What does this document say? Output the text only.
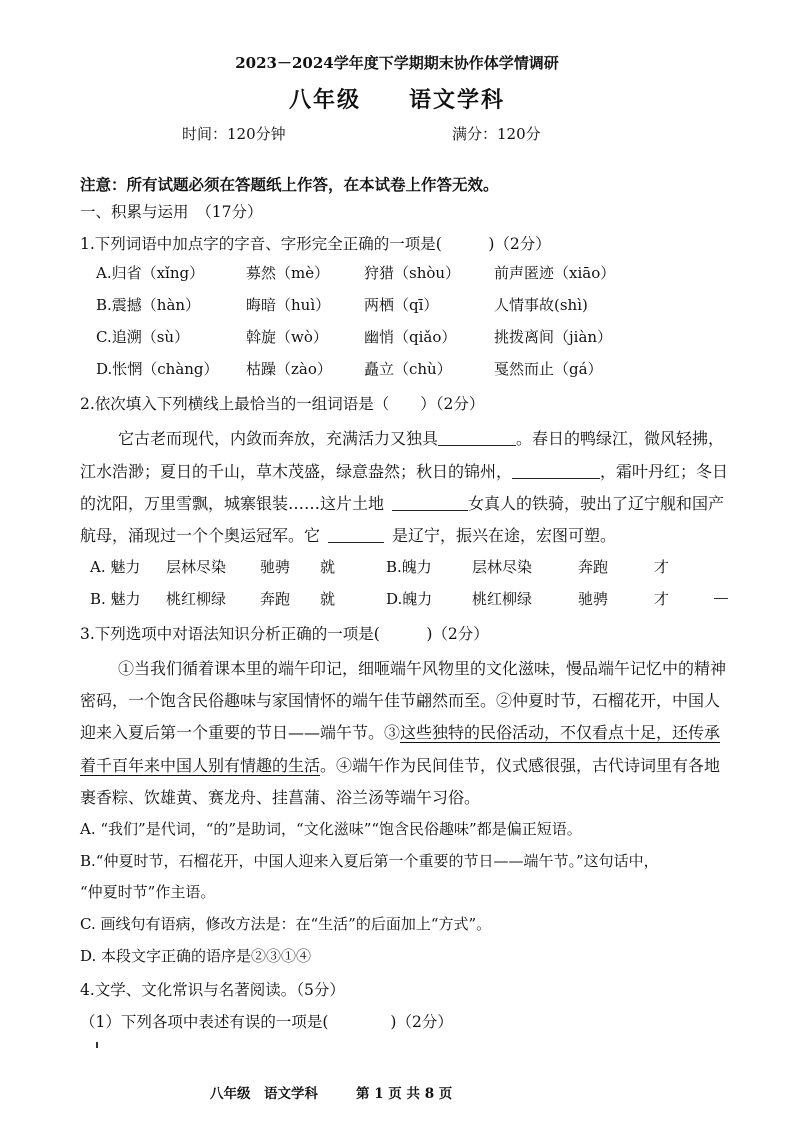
2023－2024学年度下学期期末协作体学情调研
八年级　　语文学科
时间：120分钟	满分：120分
注意：所有试题必须在答题纸上作答，在本试卷上作答无效。
一、积累与运用　（17分）
1.下列词语中加点字的字音、字形完全正确的一项是(　　　)（2分）
A.归省（xǐng）	募然（mè） 狩猎（shòu） 前声匿迹（xiāo）
B.震撼（hàn）	晦暗（huì） 两栖（qī）	人情事故(shì)
C.追溯（sù）	斡旋（wò） 幽悄（qiǎo）	挑拨离间（jiàn）
D.怅惘（chàng） 枯躁（zào） 矗立（chù）	戛然而止（gá）
2.依次填入下列横线上最恰当的一组词语是（　　）（2分）
它古老而现代，内敛而奔放，充满活力又独具	。春日的鸭绿江，微风轻拂，
江水浩渺；夏日的千山，草木茂盛，绿意盎然；秋日的锦州，	，霜叶丹红；冬日
的沈阳，万里雪飘，城寨银装……这片土地	女真人的铁骑，驶出了辽宁舰和国产
航母，涌现过一个个奥运冠军。它	是辽宁，振兴在途，宏图可塑。
A. 魅力 层林尽染 驰骋 就	B.魄力	层林尽染	奔跑	才
B. 魅力 桃红柳绿 奔跑 就	D.魄力	桃红柳绿	驰骋	才
3.下列选项中对语法知识分析正确的一项是(　　　)（2分）
①当我们循着课本里的端午印记，细咂端午风物里的文化滋味，慢品端午记忆中的精神
密码，一个饱含民俗趣味与家国情怀的端午佳节翩然而至。②仲夏时节，石榴花开，中国人
迎来入夏后第一个重要的节日——端午节。③这些独特的民俗活动，不仅看点十足，还传承
着千百年来中国人别有情趣的生活。④端午作为民间佳节，仪式感很强，古代诗词里有各地
裹香粽、饮雄黄、赛龙舟、挂菖蒲、浴兰汤等端午习俗。
A. “我们”是代词，“的”是助词，“文化滋味”“饱含民俗趣味”都是偏正短语。
B.“仲夏时节，石榴花开，中国人迎来入夏后第一个重要的节日——端午节。”这句话中，
“仲夏时节”作主语。
C. 画线句有语病，修改方法是：在“生活”的后面加上“方式”。
D. 本段文字正确的语序是②③①④
4.文学、文化常识与名著阅读。（5分）
（1）下列各项中表述有误的一项是(　　　　)（2分）
八年级　语文学科	第 1 页 共 8 页
